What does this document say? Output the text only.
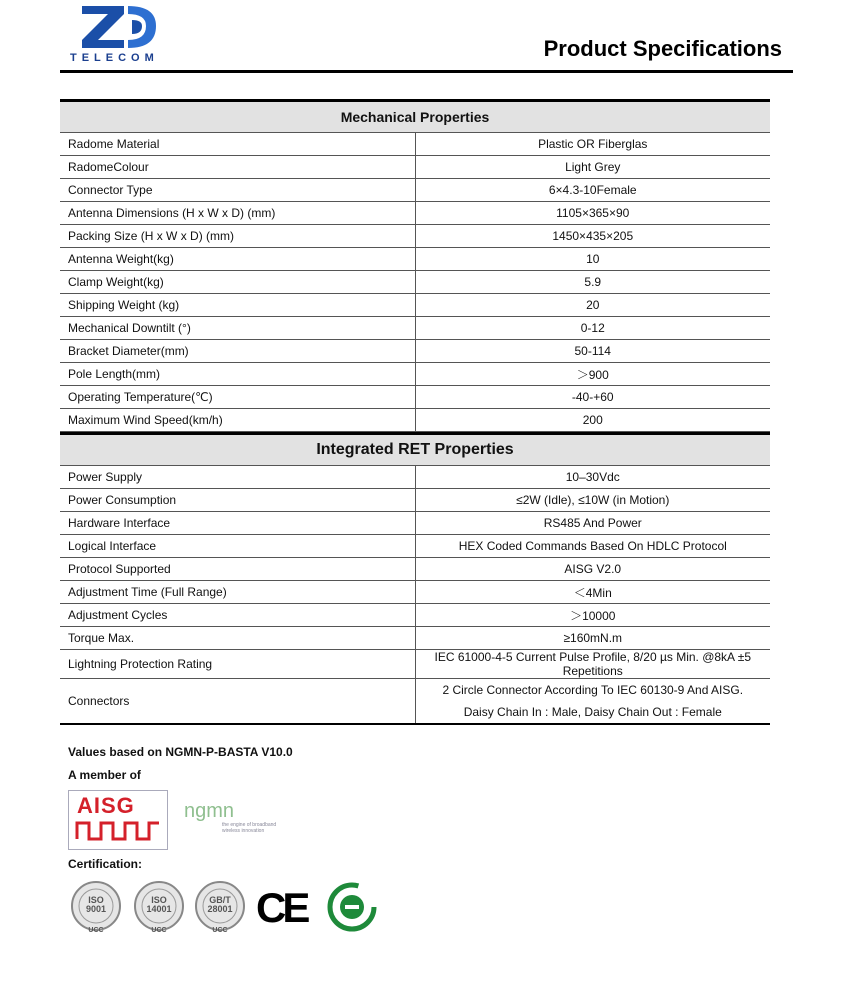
TELECOM	Product Specifications
Mechanical Properties	
Radome Material	Plastic OR Fiberglas
RadomeColour	Light Grey
Connector Type	6×4.3-10Female
Antenna Dimensions (H x W x D) (mm)	1105×365×90
Packing Size (H x W x D) (mm)	1450×435×205
Antenna Weight(kg)	10
Clamp Weight(kg)	5.9
Shipping Weight (kg)	20
Mechanical Downtilt (°)	0-12
Bracket Diameter(mm)	50-114
Pole Length(mm)	＞900
Operating Temperature(℃)	-40-+60
Maximum Wind Speed(km/h)	200
Integrated RET Properties	
Power Supply	10–30Vdc
Power Consumption	≤2W (Idle), ≤10W (in Motion)
Hardware Interface	RS485 And Power
Logical Interface	HEX Coded Commands Based On HDLC Protocol
Protocol Supported	AISG V2.0
Adjustment Time (Full Range)	＜4Min
Adjustment Cycles	＞10000
Torque Max.	≥160mN.m
Lightning Protection Rating	IEC 61000-4-5 Current Pulse Profile, 8/20 µs Min. @8kA ±5 Repetitions
Connectors	2 Circle Connector According To IEC 60130-9 And AISG.
Daisy Chain In : Male, Daisy Chain Out : Female
Values based on NGMN-P-BASTA V10.0
A member of
AISG ngmn
the engine of broadband wireless innovation
Certification:
ISO
9001
UCC
ISO
14001
UCC
GB/T
28001
UCC CE
